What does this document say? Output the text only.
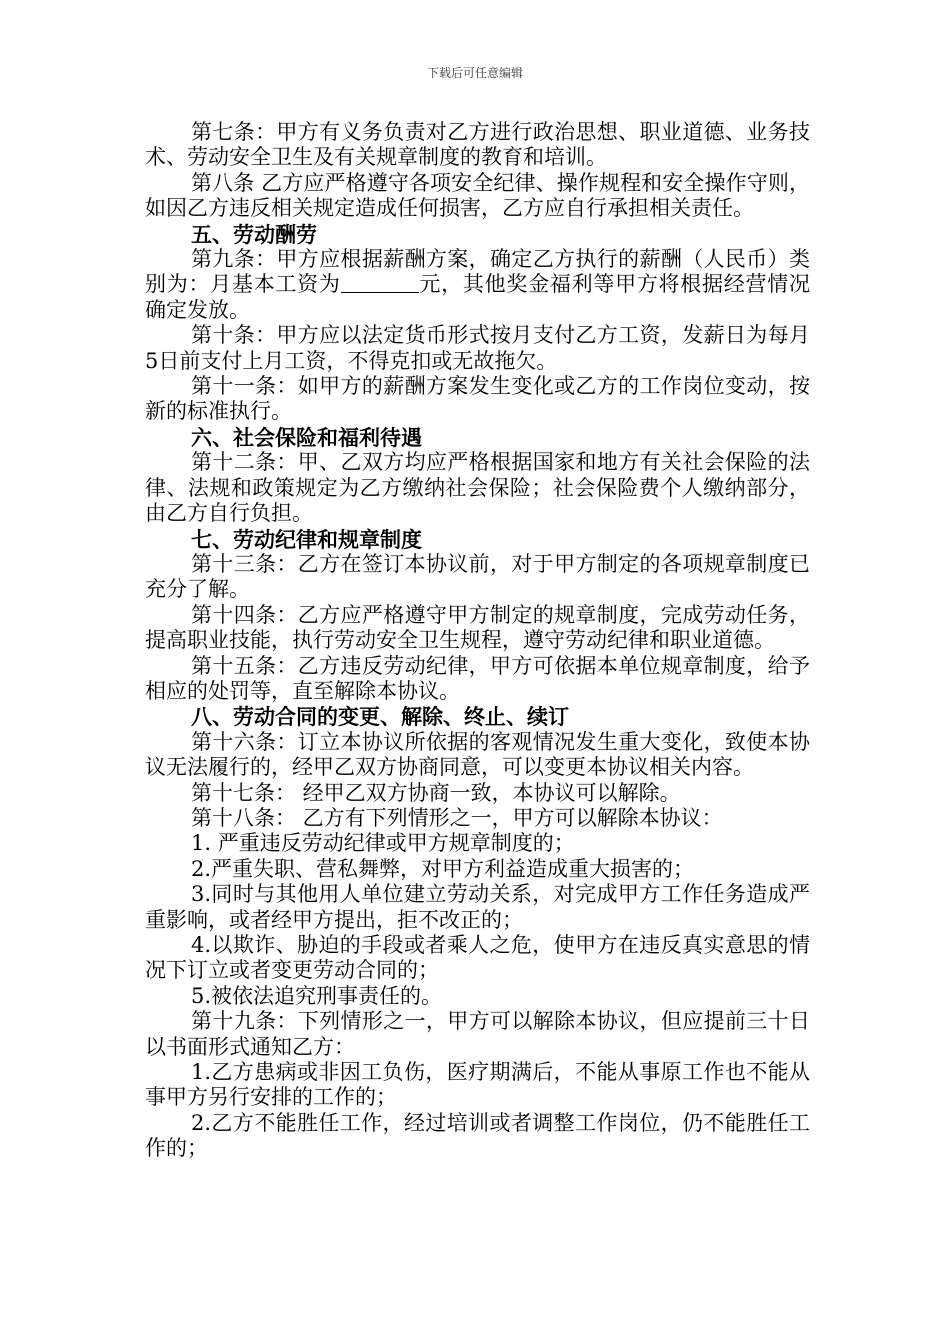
下载后可任意编辑

第七条：甲方有义务负责对乙方进行政治思想、职业道德、业务技术、劳动安全卫生及有关规章制度的教育和培训。

第八条 乙方应严格遵守各项安全纪律、操作规程和安全操作守则，如因乙方违反相关规定造成任何损害，乙方应自行承担相关责任。

五、劳动酬劳

第九条：甲方应根据薪酬方案，确定乙方执行的薪酬（人民币）类别为：月基本工资为	元，其他奖金福利等甲方将根据经营情况确定发放。

第十条：甲方应以法定货币形式按月支付乙方工资，发薪日为每月5日前支付上月工资，不得克扣或无故拖欠。

第十一条：如甲方的薪酬方案发生变化或乙方的工作岗位变动，按新的标准执行。

六、社会保险和福利待遇

第十二条：甲、乙双方均应严格根据国家和地方有关社会保险的法律、法规和政策规定为乙方缴纳社会保险；社会保险费个人缴纳部分，由乙方自行负担。

七、劳动纪律和规章制度

第十三条：乙方在签订本协议前，对于甲方制定的各项规章制度已充分了解。

第十四条：乙方应严格遵守甲方制定的规章制度，完成劳动任务，提高职业技能，执行劳动安全卫生规程，遵守劳动纪律和职业道德。

第十五条：乙方违反劳动纪律，甲方可依据本单位规章制度，给予相应的处罚等，直至解除本协议。

八、劳动合同的变更、解除、终止、续订

第十六条：订立本协议所依据的客观情况发生重大变化，致使本协议无法履行的，经甲乙双方协商同意，可以变更本协议相关内容。

第十七条： 经甲乙双方协商一致，本协议可以解除。

第十八条： 乙方有下列情形之一，甲方可以解除本协议：

1. 严重违反劳动纪律或甲方规章制度的；

2.严重失职、营私舞弊，对甲方利益造成重大损害的；

3.同时与其他用人单位建立劳动关系，对完成甲方工作任务造成严重影响，或者经甲方提出，拒不改正的；

4.以欺诈、胁迫的手段或者乘人之危，使甲方在违反真实意思的情况下订立或者变更劳动合同的；

5.被依法追究刑事责任的。

第十九条：下列情形之一，甲方可以解除本协议，但应提前三十日以书面形式通知乙方：

1.乙方患病或非因工负伤，医疗期满后，不能从事原工作也不能从事甲方另行安排的工作的；

2.乙方不能胜任工作，经过培训或者调整工作岗位，仍不能胜任工作的；
